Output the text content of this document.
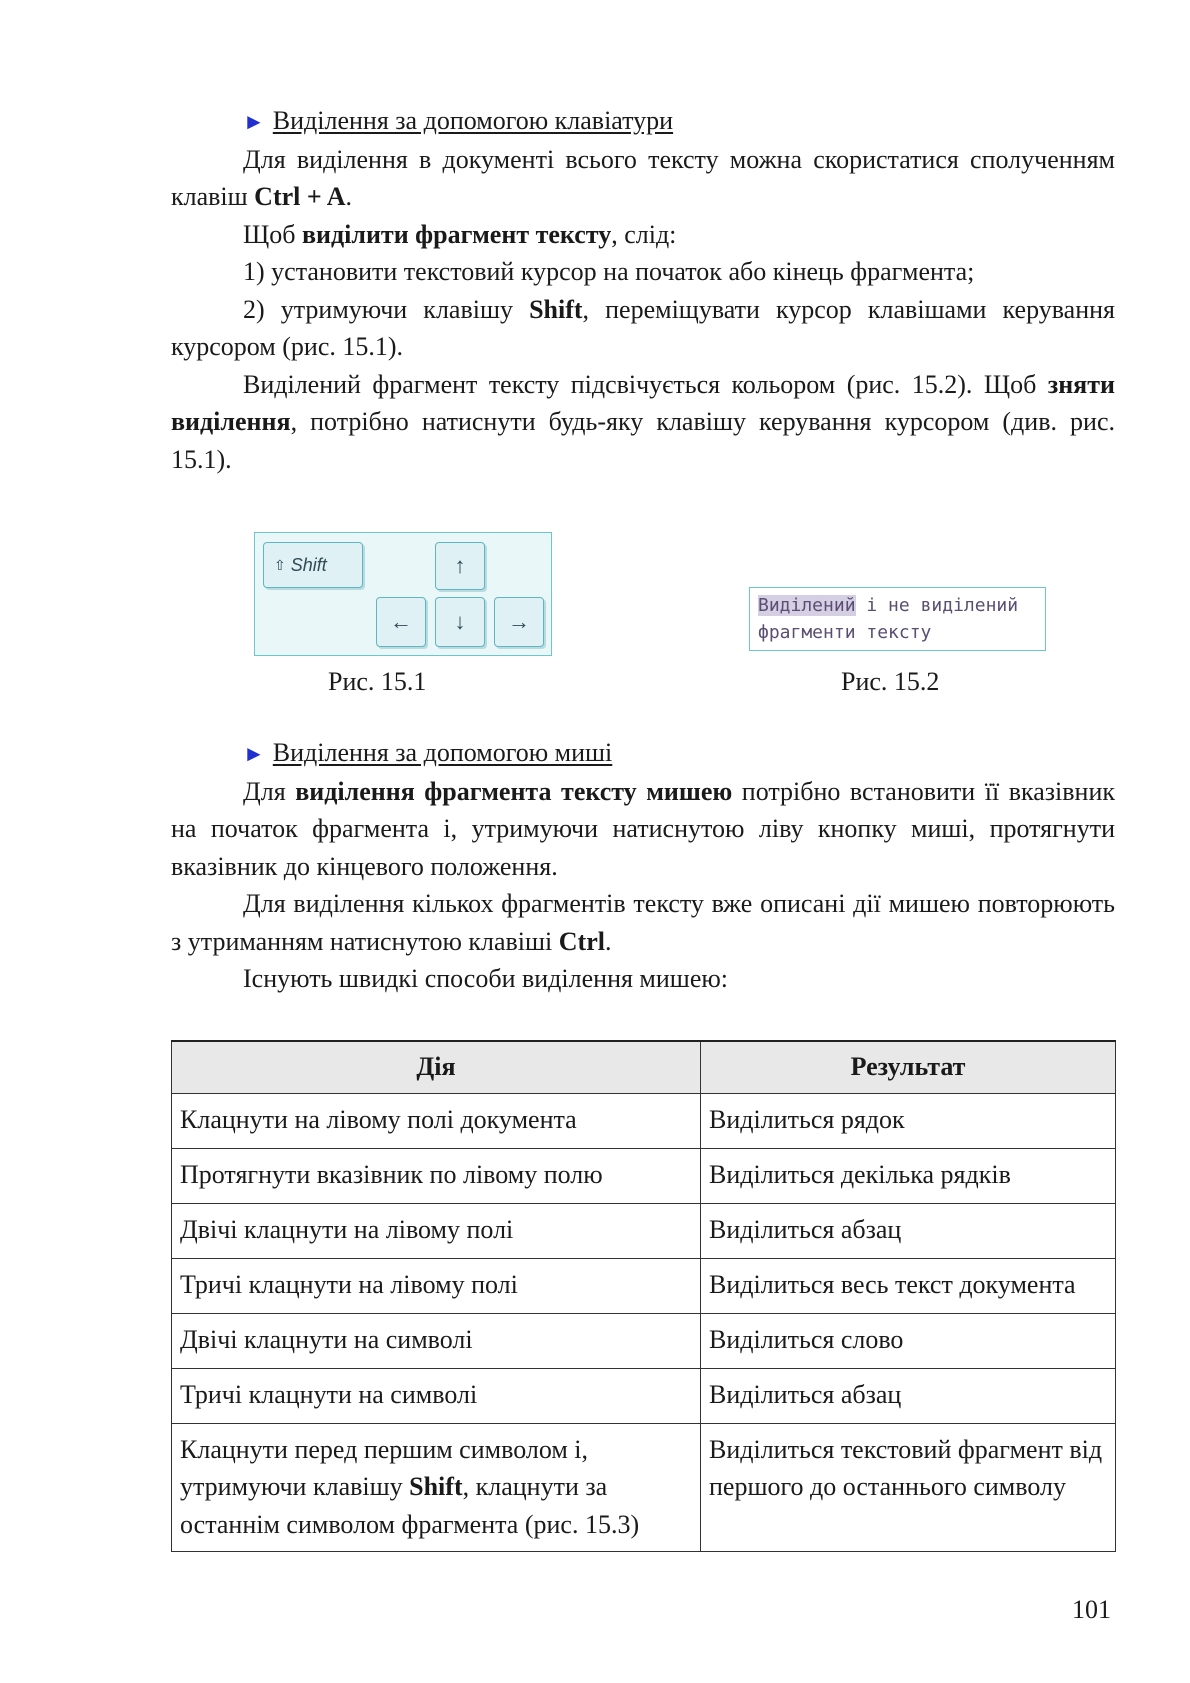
► Виділення за допомогою клавіатури

Для виділення в документі всього тексту можна скористатися сполученням клавіш Ctrl + A.

Щоб виділити фрагмент тексту, слід:

1) установити текстовий курсор на початок або кінець фрагмента;

2) утримуючи клавішу Shift, переміщувати курсор клавішами керування курсором (рис. 15.1).

Виділений фрагмент тексту підсвічується кольором (рис. 15.2). Щоб зняти виділення, потрібно натиснути будь-яку клавішу керування курсором (див. рис. 15.1).

⇧ Shift	↑
← ↓ →
Рис. 15.1
Виділений і не виділений
фрагменти тексту
Рис. 15.2

► Виділення за допомогою миші

Для виділення фрагмента тексту мишею потрібно встановити її вказівник на початок фрагмента і, утримуючи натиснутою ліву кнопку миші, протягнути вказівник до кінцевого положення.

Для виділення кількох фрагментів тексту вже описані дії мишею повторюють з утриманням натиснутою клавіші Ctrl.

Існують швидкі способи виділення мишею:

Дія	Результат
Клацнути на лівому полі документа	Виділиться рядок
Протягнути вказівник по лівому полю	Виділиться декілька рядків
Двічі клацнути на лівому полі	Виділиться абзац
Тричі клацнути на лівому полі	Виділиться весь текст документа
Двічі клацнути на символі	Виділиться слово
Тричі клацнути на символі	Виділиться абзац
Клацнути перед першим символом і, утримуючи клавішу Shift, клацнути за останнім символом фрагмента (рис. 15.3)	Виділиться текстовий фрагмент від першого до останнього символу
101
